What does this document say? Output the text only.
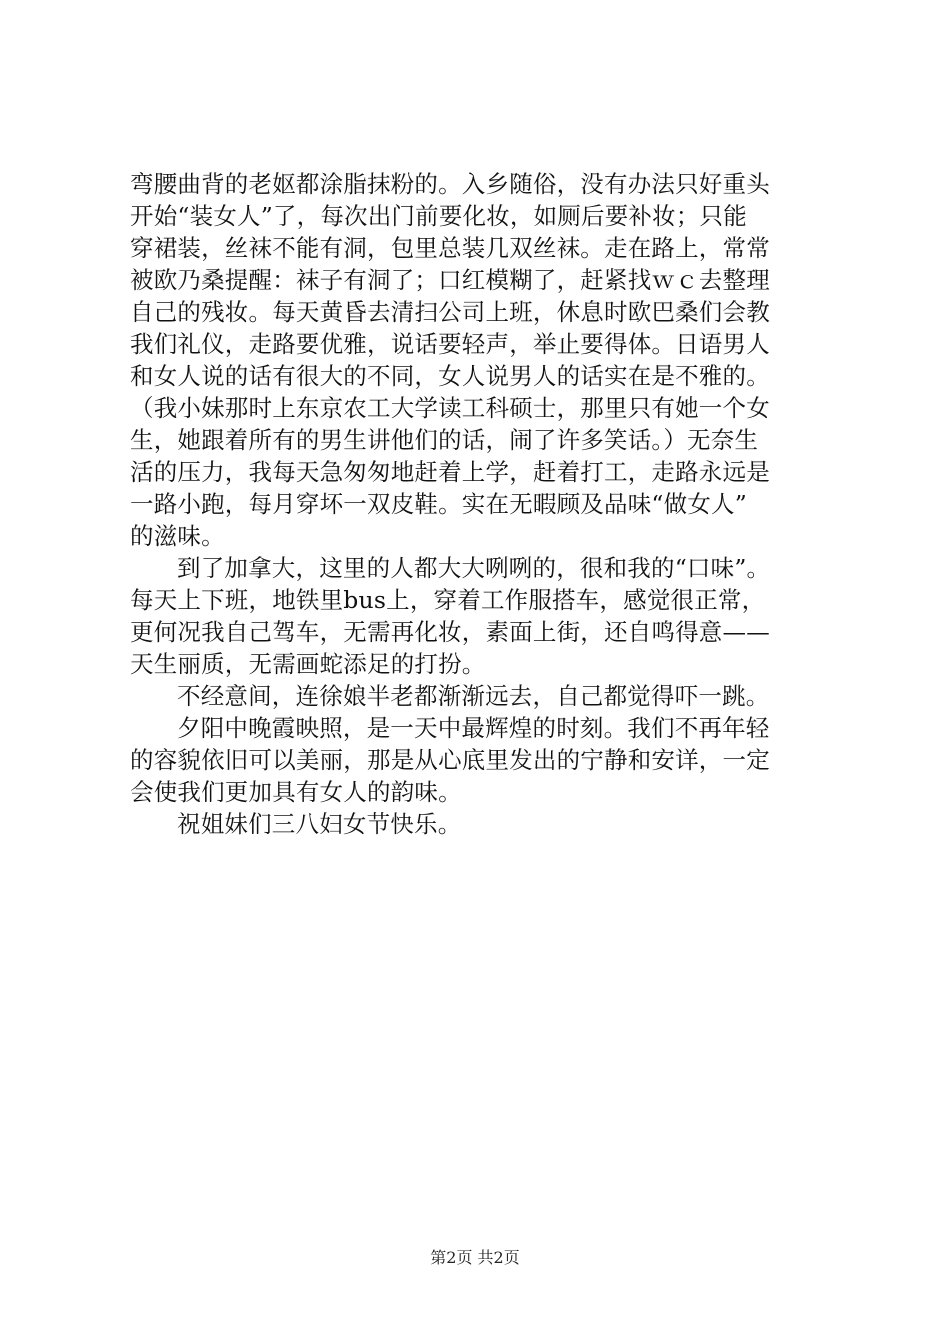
弯腰曲背的老妪都涂脂抹粉的。入乡随俗，没有办法只好重头
开始“装女人”了，每次出门前要化妆，如厕后要补妆；只能
穿裙装，丝袜不能有洞，包里总装几双丝袜。走在路上，常常
被欧乃桑提醒：袜子有洞了；口红模糊了，赶紧找ｗｃ去整理
自己的残妆。每天黄昏去清扫公司上班，休息时欧巴桑们会教
我们礼仪，走路要优雅，说话要轻声，举止要得体。日语男人
和女人说的话有很大的不同，女人说男人的话实在是不雅的。
（我小妹那时上东京农工大学读工科硕士，那里只有她一个女
生，她跟着所有的男生讲他们的话，闹了许多笑话。）无奈生
活的压力，我每天急匆匆地赶着上学，赶着打工，走路永远是
一路小跑，每月穿坏一双皮鞋。实在无暇顾及品味“做女人”
的滋味。
到了加拿大，这里的人都大大咧咧的，很和我的“口味”。
每天上下班，地铁里bus上，穿着工作服搭车，感觉很正常，
更何况我自己驾车，无需再化妆，素面上街，还自鸣得意——
天生丽质，无需画蛇添足的打扮。
不经意间，连徐娘半老都渐渐远去，自己都觉得吓一跳。
夕阳中晚霞映照，是一天中最辉煌的时刻。我们不再年轻
的容貌依旧可以美丽，那是从心底里发出的宁静和安详，一定
会使我们更加具有女人的韵味。
祝姐妹们三八妇女节快乐。
第2页 共2页
